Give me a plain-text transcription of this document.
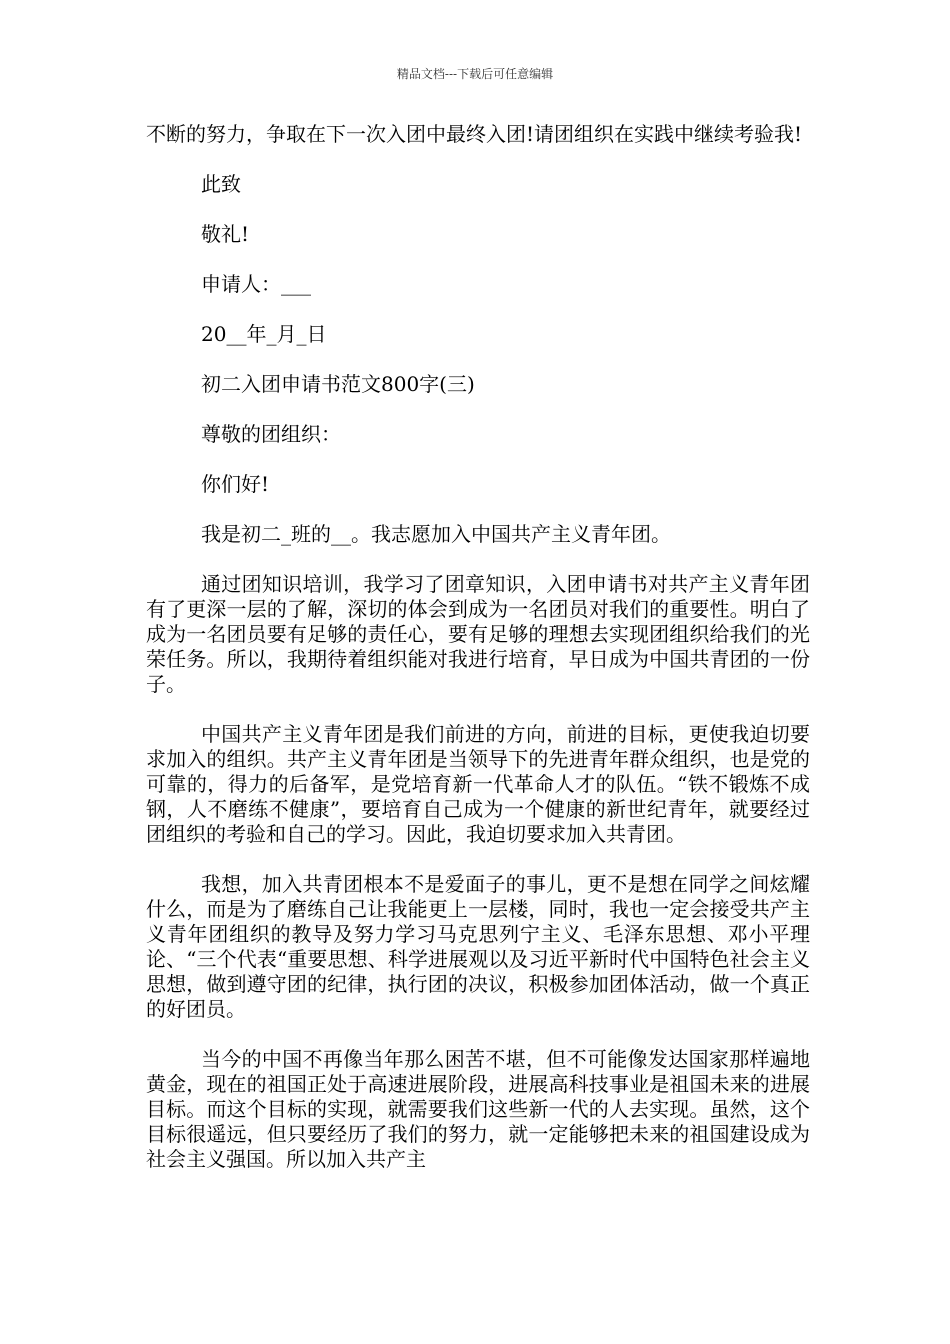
精品文档---下载后可任意编辑

不断的努力，争取在下一次入团中最终入团!请团组织在实践中继续考验我!

此致

敬礼!

申请人：___

20__年_月_日

初二入团申请书范文800字(三)

尊敬的团组织：

你们好!

我是初二_班的__。我志愿加入中国共产主义青年团。

通过团知识培训，我学习了团章知识，入团申请书对共产主义青年团有了更深一层的了解，深切的体会到成为一名团员对我们的重要性。明白了成为一名团员要有足够的责任心，要有足够的理想去实现团组织给我们的光荣任务。所以，我期待着组织能对我进行培育，早日成为中国共青团的一份子。

中国共产主义青年团是我们前进的方向，前进的目标，更使我迫切要求加入的组织。共产主义青年团是当领导下的先进青年群众组织，也是党的可靠的，得力的后备军，是党培育新一代革命人才的队伍。“铁不锻炼不成钢，人不磨练不健康”，要培育自己成为一个健康的新世纪青年，就要经过团组织的考验和自己的学习。因此，我迫切要求加入共青团。

我想，加入共青团根本不是爱面子的事儿，更不是想在同学之间炫耀什么，而是为了磨练自己让我能更上一层楼，同时，我也一定会接受共产主义青年团组织的教导及努力学习马克思列宁主义、毛泽东思想、邓小平理论、“三个代表“重要思想、科学进展观以及习近平新时代中国特色社会主义思想，做到遵守团的纪律，执行团的决议，积极参加团体活动，做一个真正的好团员。

当今的中国不再像当年那么困苦不堪，但不可能像发达国家那样遍地黄金，现在的祖国正处于高速进展阶段，进展高科技事业是祖国未来的进展目标。而这个目标的实现，就需要我们这些新一代的人去实现。虽然，这个目标很遥远，但只要经历了我们的努力，就一定能够把未来的祖国建设成为社会主义强国。所以加入共产主
